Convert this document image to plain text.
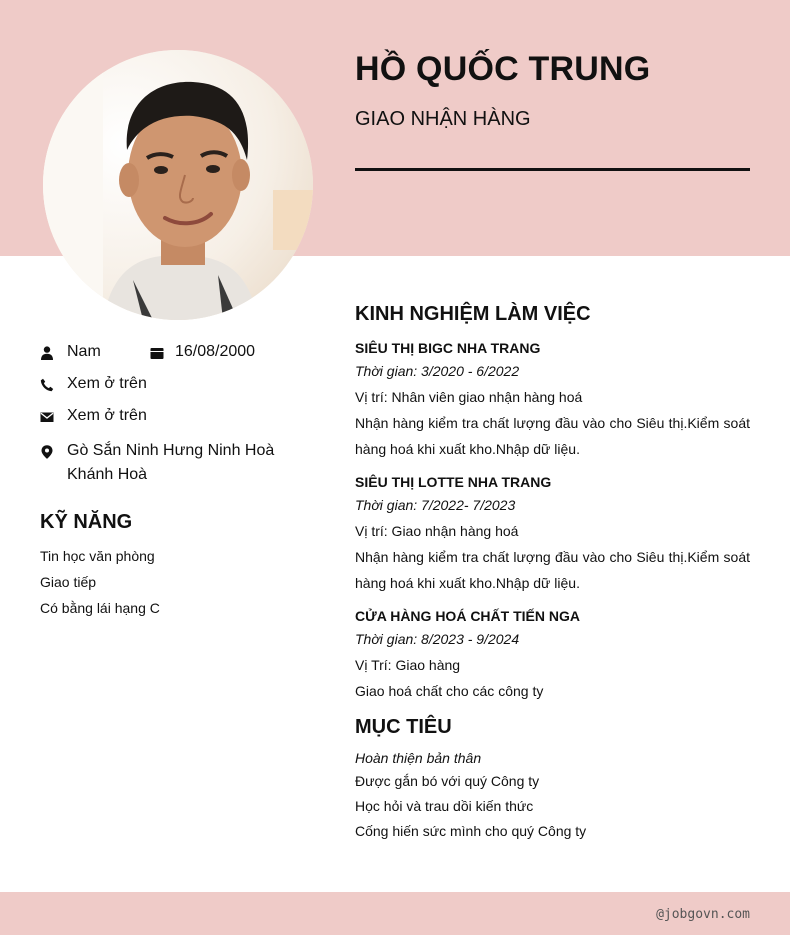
HỒ QUỐC TRUNG
GIAO NHẬN HÀNG
Nam	16/08/2000
Xem ở trên
Xem ở trên
Gò Sắn Ninh Hưng Ninh Hoà Khánh Hoà
KỸ NĂNG
Tin học văn phòng
Giao tiếp
Có bằng lái hạng C
KINH NGHIỆM LÀM VIỆC
SIÊU THỊ BIGC NHA TRANG
Thời gian: 3/2020 - 6/2022
Vị trí: Nhân viên giao nhận hàng hoá
Nhận hàng kiểm tra chất lượng đầu vào cho Siêu thị.Kiểm soát hàng hoá khi xuất kho.Nhập dữ liệu.
SIÊU THỊ LOTTE NHA TRANG
Thời gian: 7/2022- 7/2023
Vị trí: Giao nhận hàng hoá
Nhận hàng kiểm tra chất lượng đầu vào cho Siêu thị.Kiểm soát hàng hoá khi xuất kho.Nhập dữ liệu.
CỬA HÀNG HOÁ CHẤT TIẾN NGA
Thời gian: 8/2023 - 9/2024
Vị Trí: Giao hàng
Giao hoá chất cho các công ty
MỤC TIÊU
Hoàn thiện bản thân
Được gắn bó với quý Công ty
Học hỏi và trau dồi kiến thức
Cống hiến sức mình cho quý Công ty
@jobgovn.com
